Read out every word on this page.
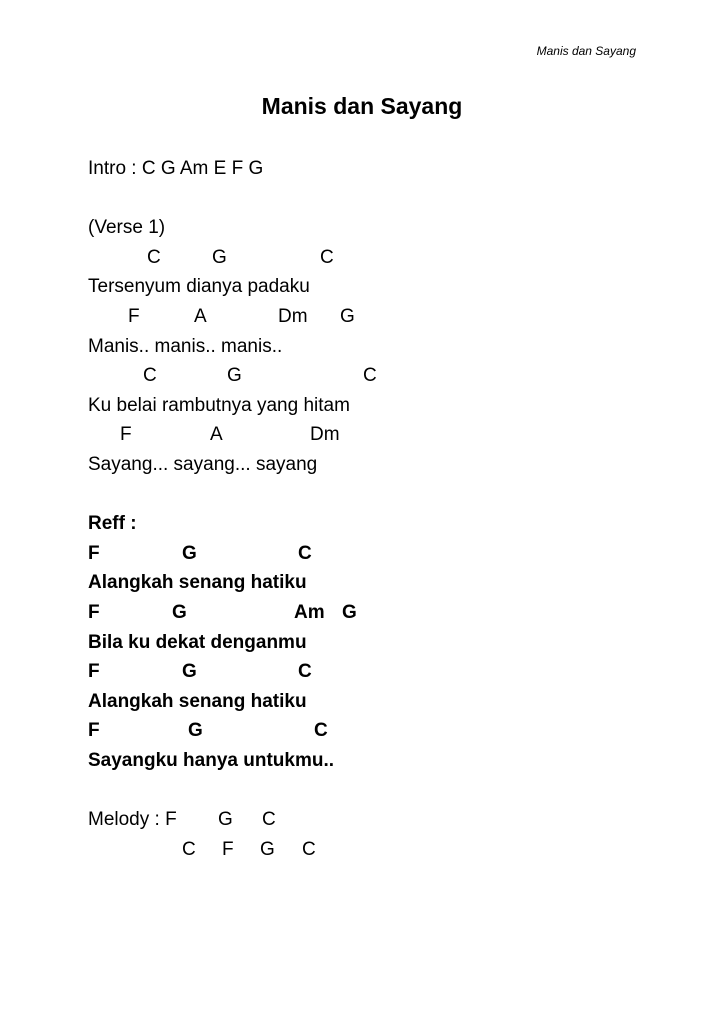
Manis dan Sayang
Manis dan Sayang
Intro : C G Am E F G
(Verse 1)
C	G	C
Tersenyum dianya padaku
F	A	Dm G
Manis.. manis.. manis..
C	G	C
Ku belai rambutnya yang hitam
F	A	Dm
Sayang... sayang... sayang
Reff :
F	G	C
Alangkah senang hatiku
F	G	Am G
Bila ku dekat denganmu
F	G	C
Alangkah senang hatiku
F	G	C
Sayangku hanya untukmu..
Melody : F G C
C F G C
